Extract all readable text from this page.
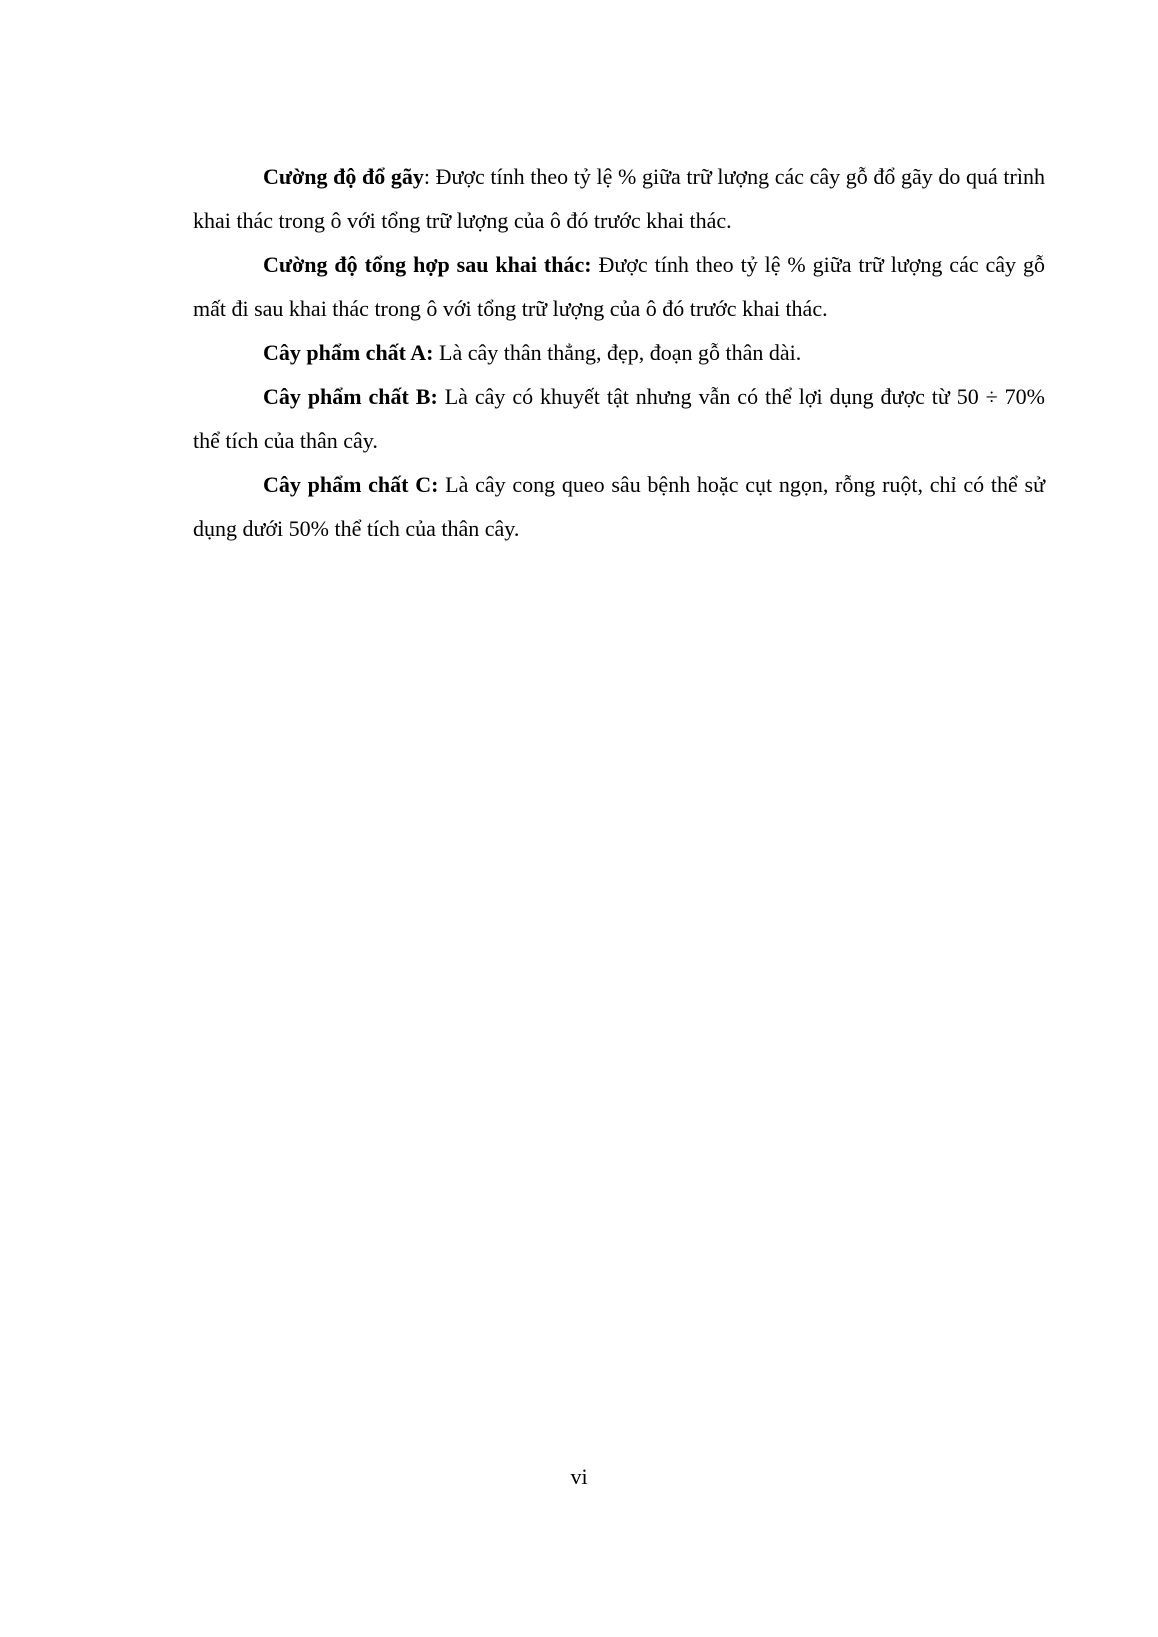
Cường độ đổ gãy: Được tính theo tỷ lệ % giữa trữ lượng các cây gỗ đổ gãy do quá trình khai thác trong ô với tổng trữ lượng của ô đó trước khai thác.

Cường độ tổng hợp sau khai thác: Được tính theo tỷ lệ % giữa trữ lượng các cây gỗ mất đi sau khai thác trong ô với tổng trữ lượng của ô đó trước khai thác.

Cây phẩm chất A: Là cây thân thẳng, đẹp, đoạn gỗ thân dài.

Cây phẩm chất B: Là cây có khuyết tật nhưng vẫn có thể lợi dụng được từ 50 ÷ 70% thể tích của thân cây.

Cây phẩm chất C: Là cây cong queo sâu bệnh hoặc cụt ngọn, rỗng ruột, chỉ có thể sử dụng dưới 50% thể tích của thân cây.

vi
